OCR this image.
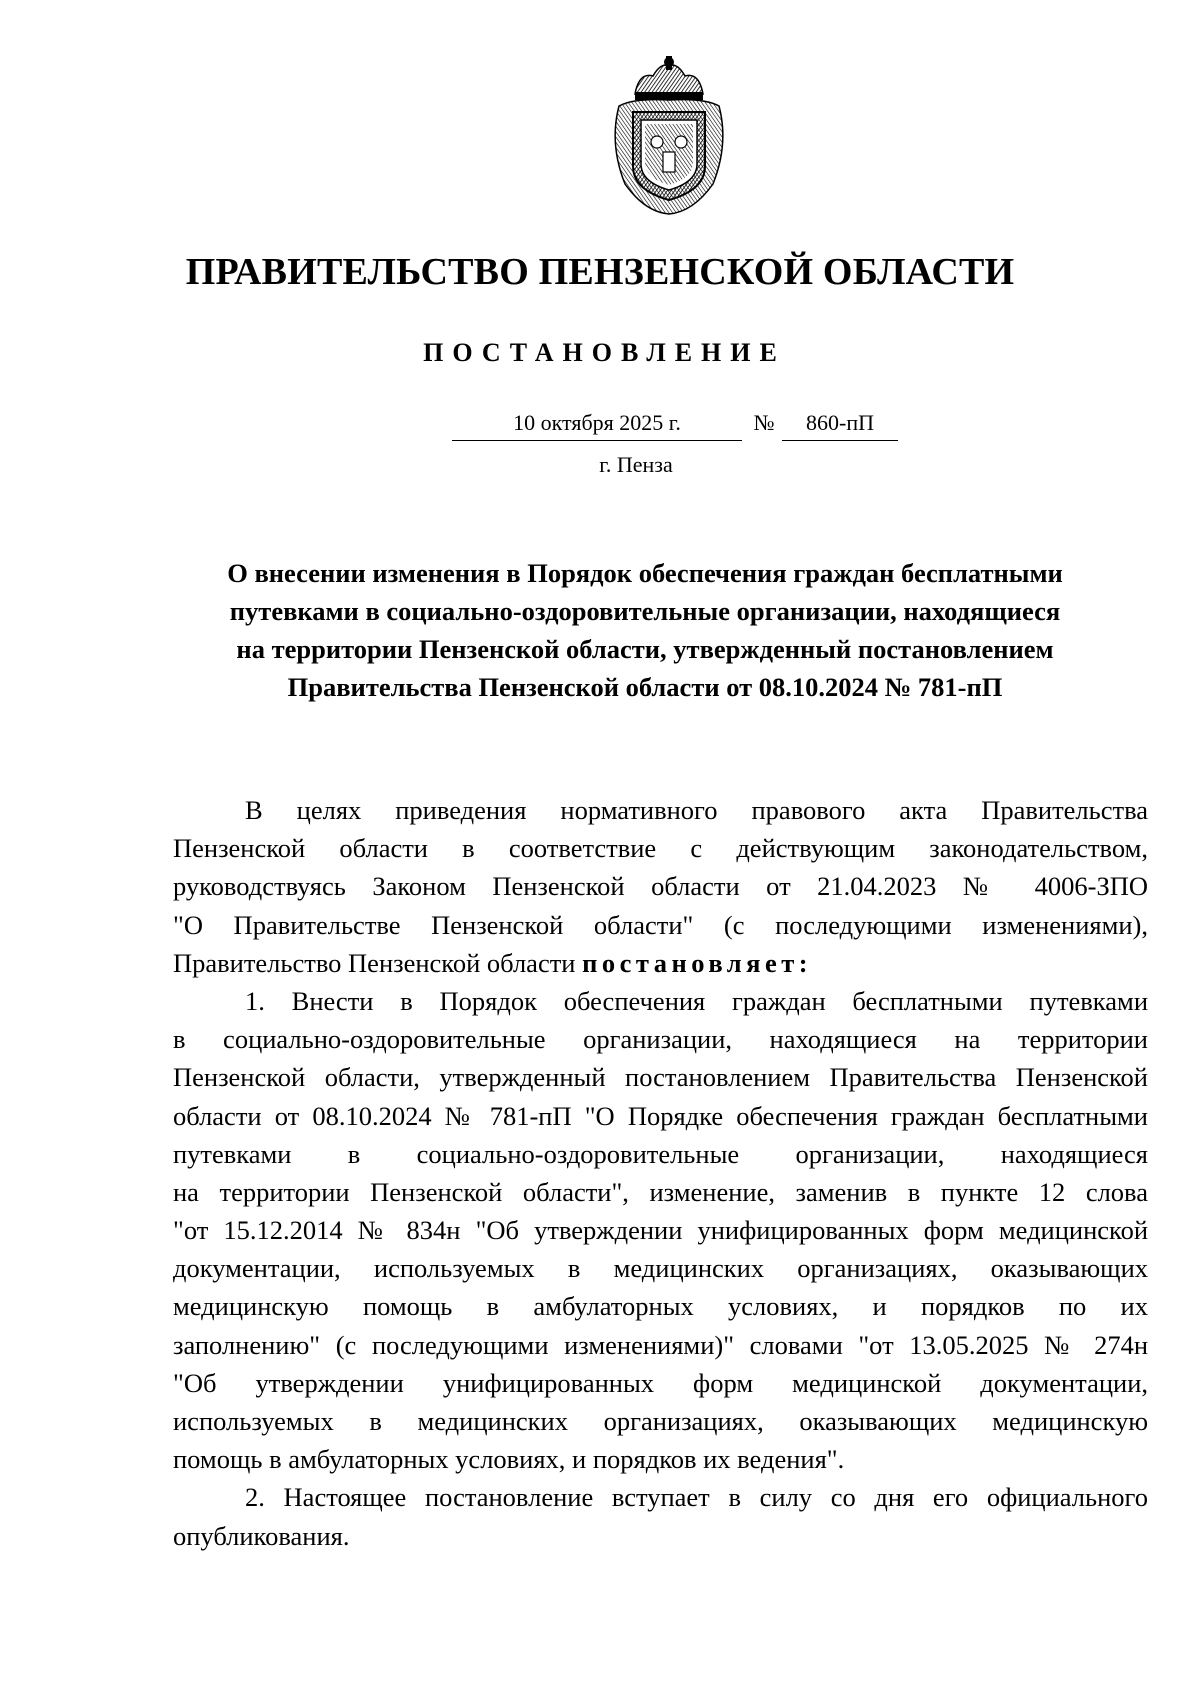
ПРАВИТЕЛЬСТВО ПЕНЗЕНСКОЙ ОБЛАСТИ
ПОСТАНОВЛЕНИЕ
10 октября 2025 г.	№	860-пП
г. Пенза
О внесении изменения в Порядок обеспечения граждан бесплатными
путевками в социально-оздоровительные организации, находящиеся
на территории Пензенской области, утвержденный постановлением
Правительства Пензенской области от 08.10.2024 № 781-пП
В целях приведения нормативного правового акта Правительства
Пензенской области в соответствие с действующим законодательством,
руководствуясь Законом Пензенской области от 21.04.2023 № 4006-ЗПО
"О Правительстве Пензенской области" (с последующими изменениями),
Правительство Пензенской области постановляет:
1. Внести в Порядок обеспечения граждан бесплатными путевками
в социально-оздоровительные организации, находящиеся на территории
Пензенской области, утвержденный постановлением Правительства Пензенской
области от 08.10.2024 № 781-пП "О Порядке обеспечения граждан бесплатными
путевками в социально-оздоровительные организации, находящиеся
на территории Пензенской области", изменение, заменив в пункте 12 слова
"от 15.12.2014 № 834н "Об утверждении унифицированных форм медицинской
документации, используемых в медицинских организациях, оказывающих
медицинскую помощь в амбулаторных условиях, и порядков по их
заполнению" (с последующими изменениями)" словами "от 13.05.2025 № 274н
"Об утверждении унифицированных форм медицинской документации,
используемых в медицинских организациях, оказывающих медицинскую
помощь в амбулаторных условиях, и порядков их ведения".
2. Настоящее постановление вступает в силу со дня его официального
опубликования.
